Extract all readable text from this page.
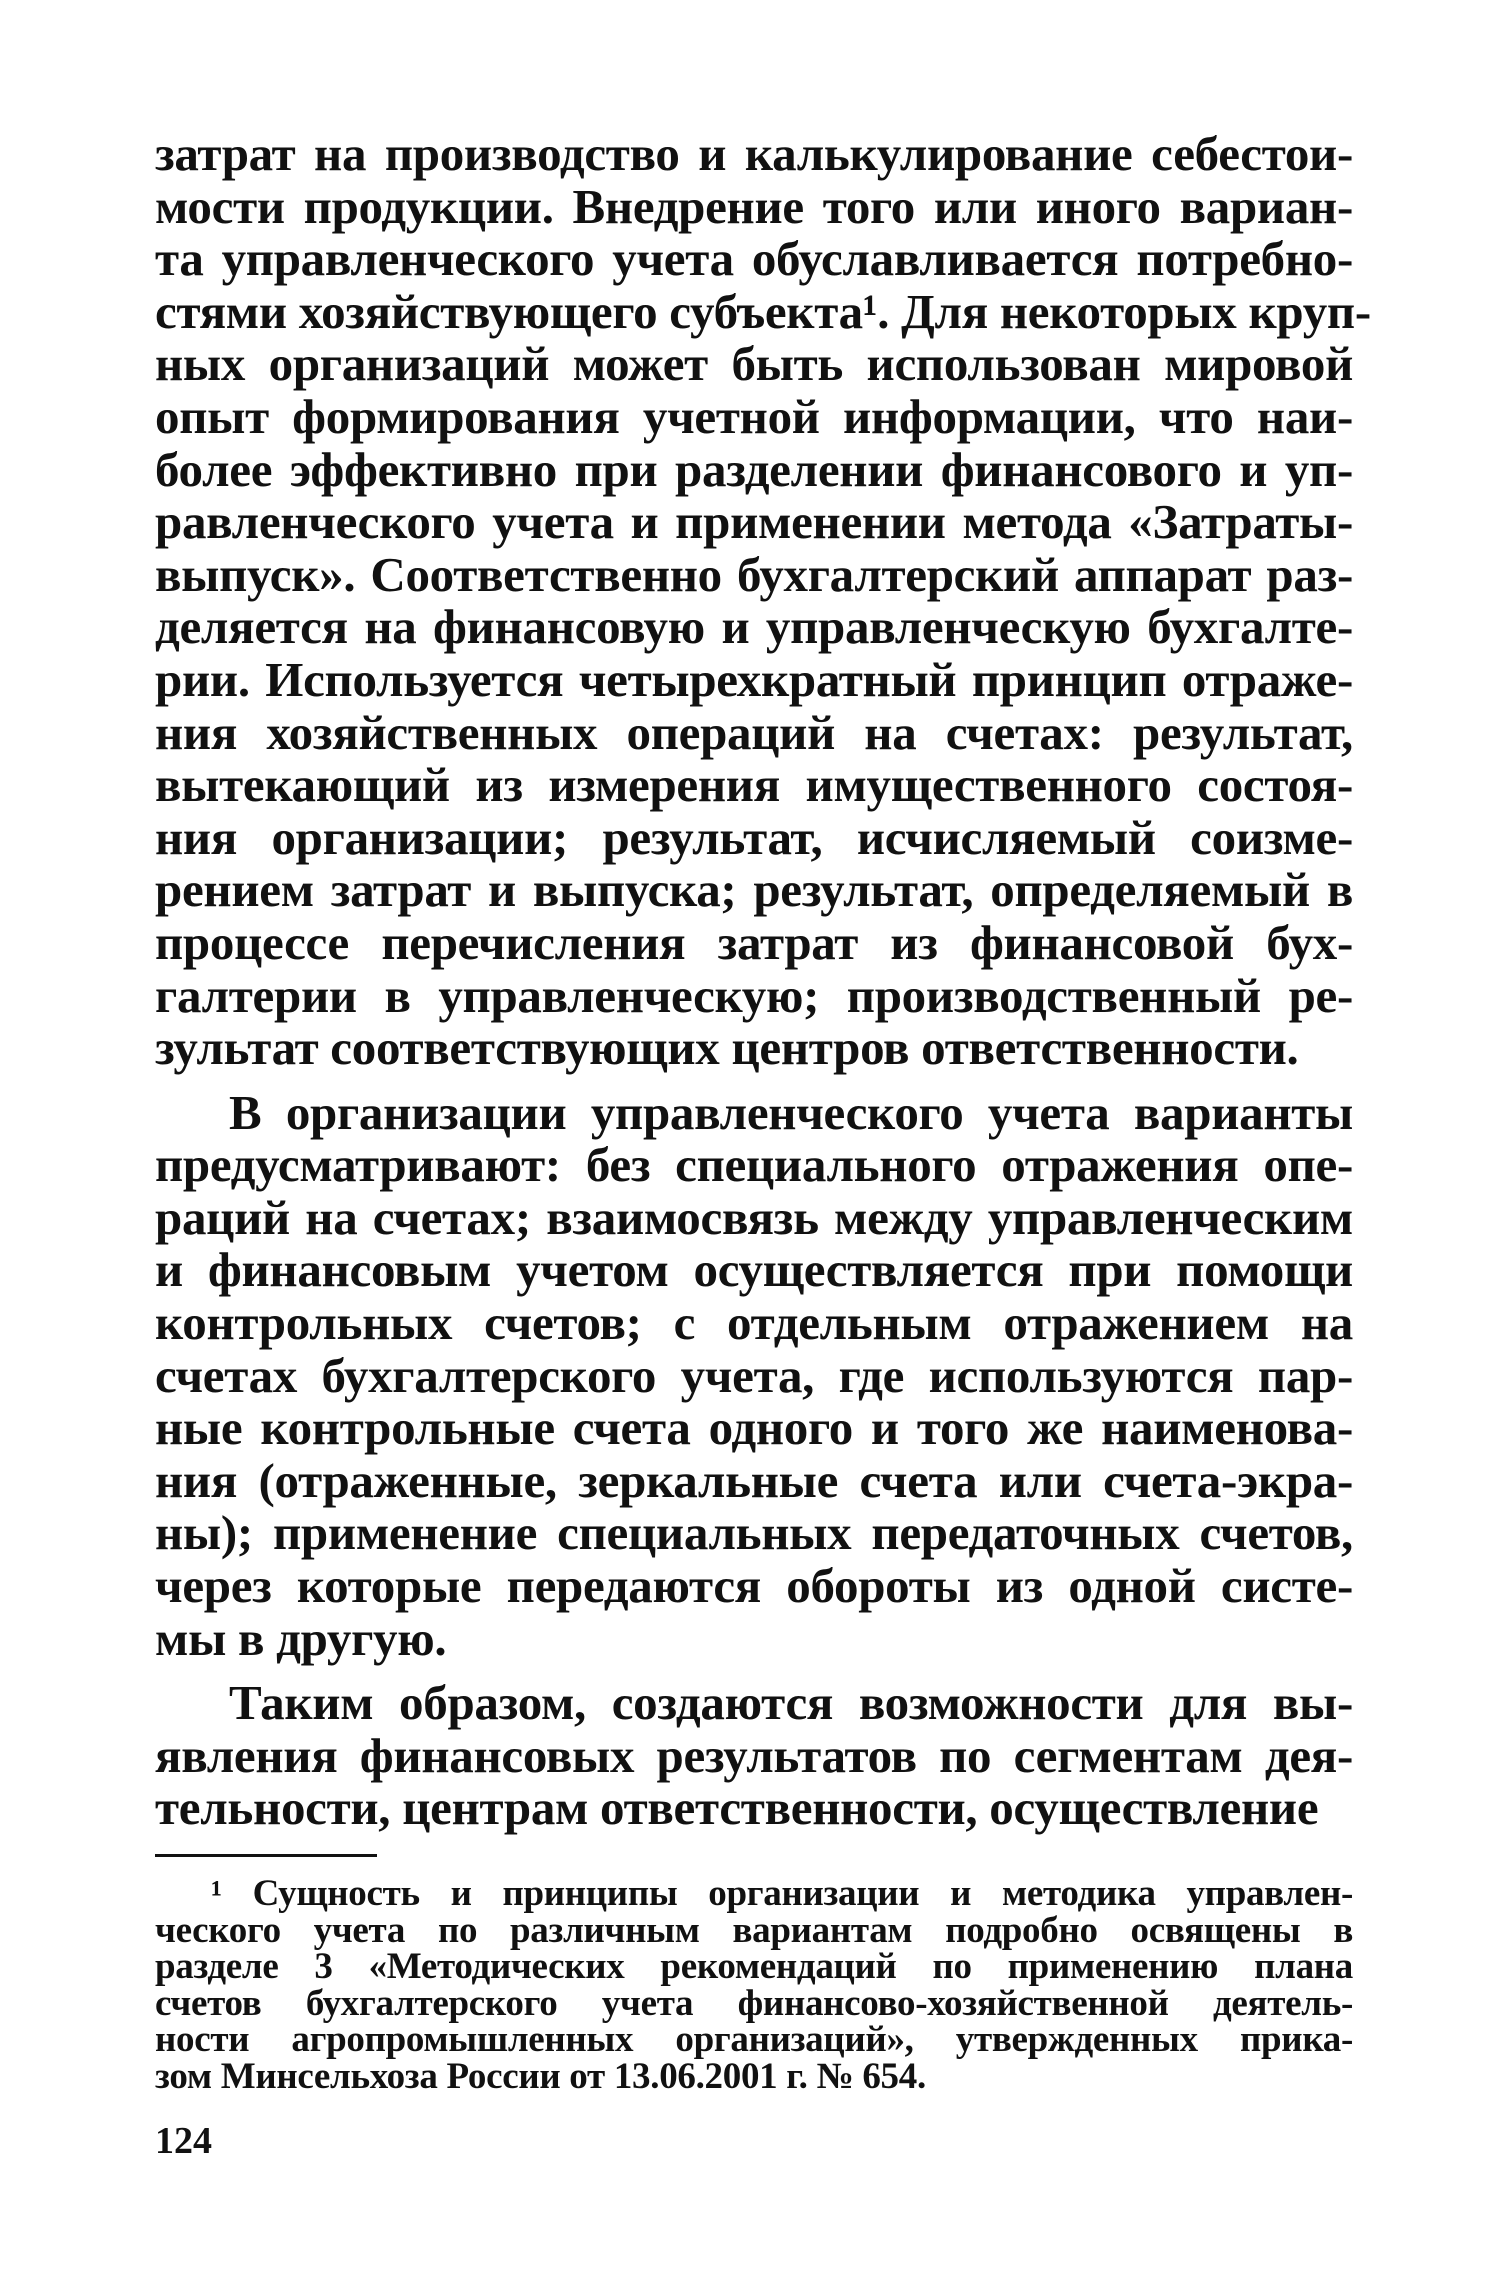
затрат на производство и калькулирование себестои-
мости продукции. Внедрение того или иного вариан-
та управленческого учета обуславливается потребно-
стями хозяйствующего субъекта¹. Для некоторых круп-
ных организаций может быть использован мировой
опыт формирования учетной информации, что наи-
более эффективно при разделении финансового и уп-
равленческого учета и применении метода «Затраты-
выпуск». Соответственно бухгалтерский аппарат раз-
деляется на финансовую и управленческую бухгалте-
рии. Используется четырехкратный принцип отраже-
ния хозяйственных операций на счетах: результат,
вытекающий из измерения имущественного состоя-
ния организации; результат, исчисляемый соизме-
рением затрат и выпуска; результат, определяемый в
процессе перечисления затрат из финансовой бух-
галтерии в управленческую; производственный ре-
зультат соответствующих центров ответственности.
В организации управленческого учета варианты
предусматривают: без специального отражения опе-
раций на счетах; взаимосвязь между управленческим
и финансовым учетом осуществляется при помощи
контрольных счетов; с отдельным отражением на
счетах бухгалтерского учета, где используются пар-
ные контрольные счета одного и того же наименова-
ния (отраженные, зеркальные счета или счета-экра-
ны); применение специальных передаточных счетов,
через которые передаются обороты из одной систе-
мы в другую.
Таким образом, создаются возможности для вы-
явления финансовых результатов по сегментам дея-
тельности, центрам ответственности, осуществление
¹ Сущность и принципы организации и методика управлен-
ческого учета по различным вариантам подробно освящены в
разделе 3 «Методических рекомендаций по применению плана
счетов бухгалтерского учета финансово-хозяйственной деятель-
ности агропромышленных организаций», утвержденных прика-
зом Минсельхоза России от 13.06.2001 г. № 654.
124
